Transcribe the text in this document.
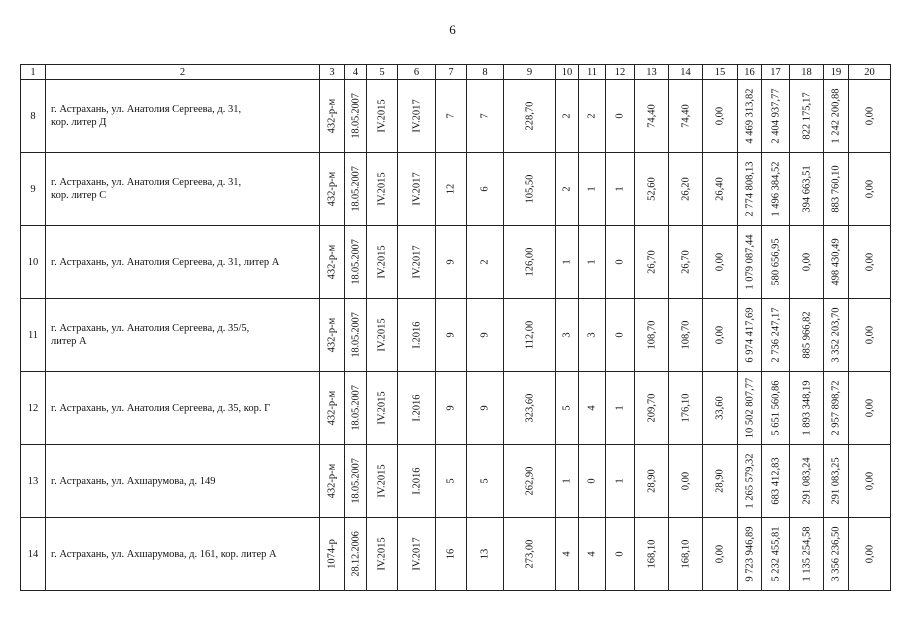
6
1	2	3	4	5	6	7	8	9	10	11	12	13	14	15	16	17	18	19	20
8	г. Астрахань, ул. Анатолия Сергеева, д. 31,
кор. литер Д	432-р-м	18.05.2007	IV.2015	IV.2017	7	7	228,70	2	2	0	74,40	74,40	0,00	4 469 313,82	2 404 937,77	822 175,17	1 242 200,88	0,00

9	г. Астрахань, ул. Анатолия Сергеева, д. 31,
кор. литер С	432-р-м	18.05.2007	IV.2015	IV.2017	12	6	105,50	2	1	1	52,60	26,20	26,40	2 774 808,13	1 496 384,52	394 663,51	883 760,10	0,00

10	г. Астрахань, ул. Анатолия Сергеева, д. 31, литер А	432-р-м	18.05.2007	IV.2015	IV.2017	9	2	126,00	1	1	0	26,70	26,70	0,00	1 079 087,44	580 656,95	0,00	498 430,49	0,00

11	г. Астрахань, ул. Анатолия Сергеева, д. 35/5,
литер А	432-р-м	18.05.2007	IV.2015	I.2016	9	9	112,00	3	3	0	108,70	108,70	0,00	6 974 417,69	2 736 247,17	885 966,82	3 352 203,70	0,00

12	г. Астрахань, ул. Анатолия Сергеева, д. 35, кор. Г	432-р-м	18.05.2007	IV.2015	I.2016	9	9	323,60	5	4	1	209,70	176,10	33,60	10 502 807,77	5 651 560,86	1 893 348,19	2 957 898,72	0,00

13	г. Астрахань, ул. Ахшарумова, д. 149	432-р-м	18.05.2007	IV.2015	I.2016	5	5	262,90	1	0	1	28,90	0,00	28,90	1 265 579,32	683 412,83	291 083,24	291 083,25	0,00

14	г. Астрахань, ул. Ахшарумова, д. 161, кор. литер А	1074-р	28.12.2006	IV.2015	IV.2017	16	13	273,00	4	4	0	168,10	168,10	0,00	9 723 946,89	5 232 455,81	1 135 254,58	3 356 236,50	0,00
